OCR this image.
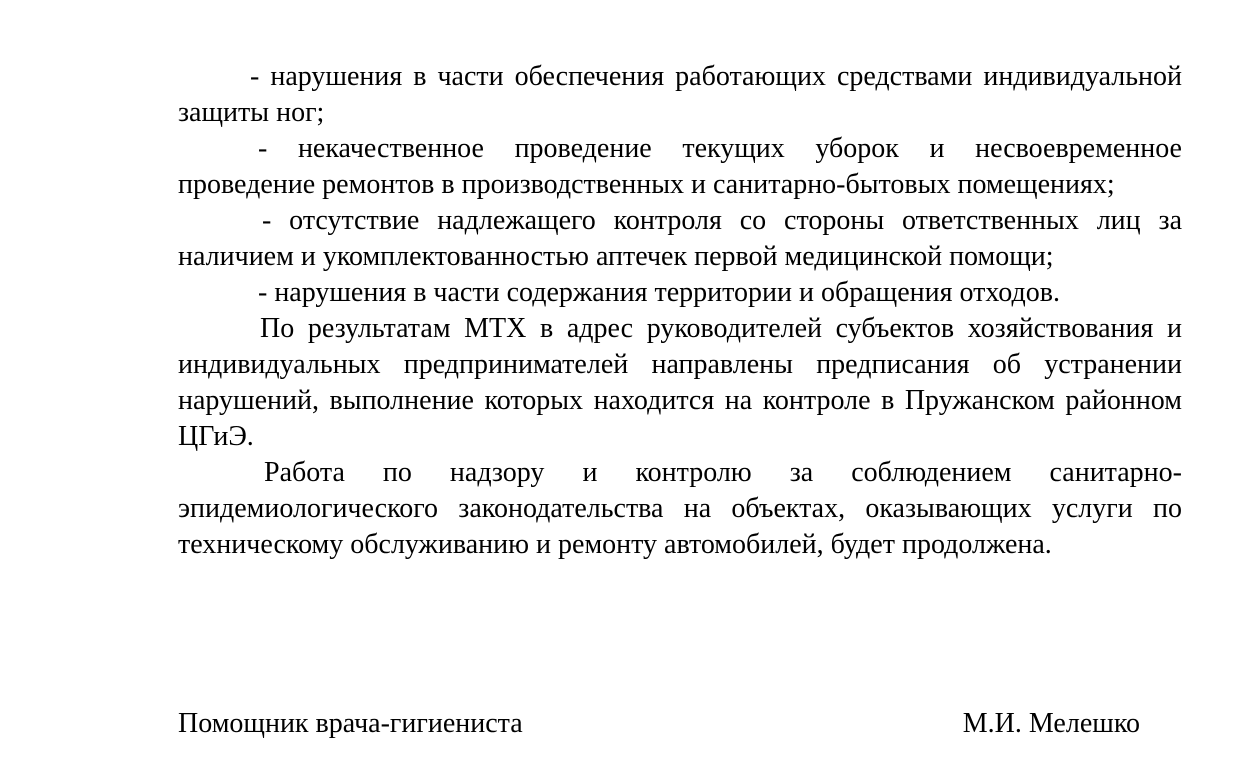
- нарушения в части обеспечения работающих средствами индивидуальной защиты ног;

- некачественное проведение текущих уборок и несвоевременное проведение ремонтов в производственных и санитарно-бытовых помещениях;

- отсутствие надлежащего контроля со стороны ответственных лиц за наличием и укомплектованностью аптечек первой медицинской помощи;

- нарушения в части содержания территории и обращения отходов.

По результатам МТХ в адрес руководителей субъектов хозяйствования и индивидуальных предпринимателей направлены предписания об устранении нарушений, выполнение которых находится на контроле в Пружанском районном ЦГиЭ.

Работа по надзору и контролю за соблюдением санитарно-эпидемиологического законодательства на объектах, оказывающих услуги по техническому обслуживанию и ремонту автомобилей, будет продолжена.

Помощник врача-гигиениста	М.И. Мелешко
